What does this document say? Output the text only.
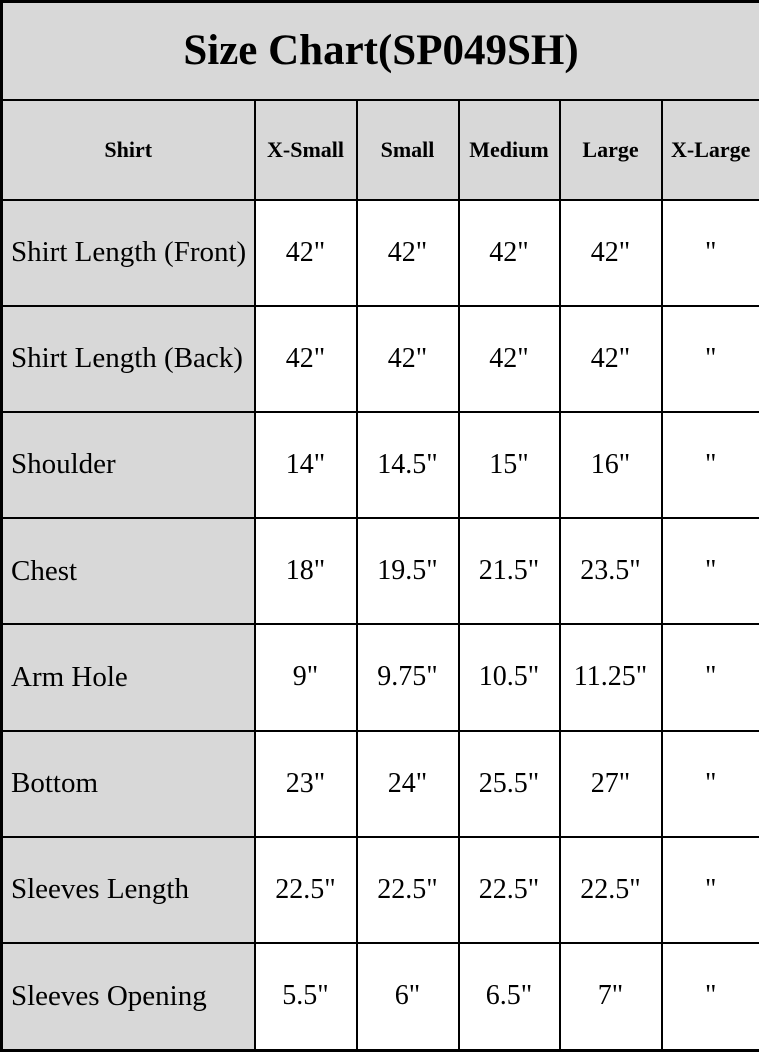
Size Chart(SP049SH)					
Shirt	X-Small	Small	Medium	Large	X-Large
Shirt Length (Front)	42"	42"	42"	42"	"
Shirt Length (Back)	42"	42"	42"	42"	"
Shoulder	14"	14.5"	15"	16"	"
Chest	18"	19.5"	21.5"	23.5"	"
Arm Hole	9"	9.75"	10.5"	11.25"	"
Bottom	23"	24"	25.5"	27"	"
Sleeves Length	22.5"	22.5"	22.5"	22.5"	"
Sleeves Opening	5.5"	6"	6.5"	7"	"
